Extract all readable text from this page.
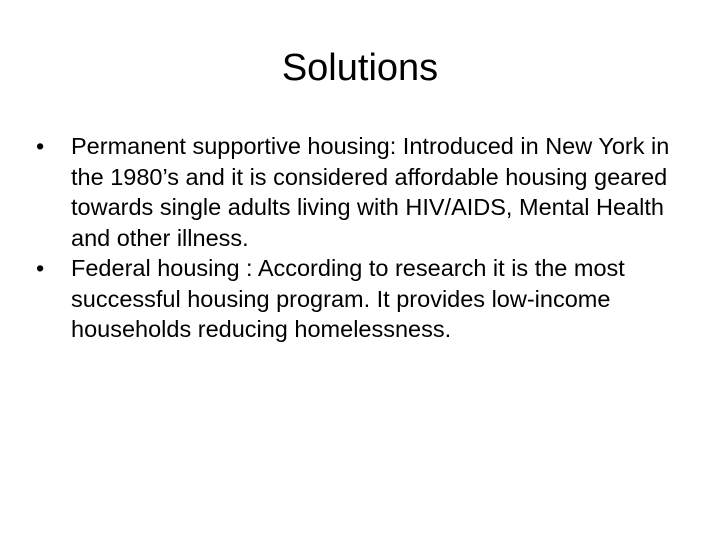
Solutions
•	Permanent supportive housing: Introduced in New York in the 1980’s and it is considered affordable housing geared towards single adults living with HIV/AIDS, Mental Health and other illness.
•	Federal housing : According to research it is the most successful housing program. It provides low-income households reducing homelessness.
